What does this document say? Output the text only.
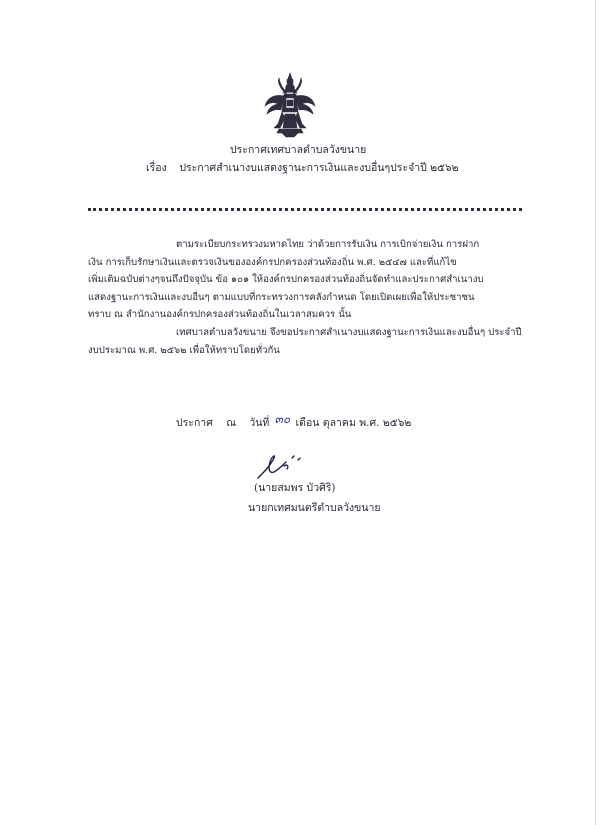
ประกาศเทศบาลตำบลวังขนาย
เรื่อง ประกาศสำเนางบแสดงฐานะการเงินและงบอื่นๆประจำปี ๒๕๖๒
ตามระเบียบกระทรวงมหาดไทย ว่าด้วยการรับเงิน การเบิกจ่ายเงิน การฝาก
เงิน การเก็บรักษาเงินและตรวจเงินขององค์กรปกครองส่วนท้องถิ่น พ.ศ. ๒๕๔๗ และที่แก้ไข
เพิ่มเติมฉบับต่างๆจนถึงปัจจุบัน ข้อ ๑๐๑ ให้องค์กรปกครองส่วนท้องถิ่นจัดทำและประกาศสำเนางบ
แสดงฐานะการเงินและงบอื่นๆ ตามแบบที่กระทรวงการคลังกำหนด โดยเปิดเผยเพื่อให้ประชาชน
ทราบ ณ สำนักงานองค์กรปกครองส่วนท้องถิ่นในเวลาสมควร นั้น
เทศบาลตำบลวังขนาย จึงขอประกาศสำเนางบแสดงฐานะการเงินและงบอื่นๆ ประจำปี
งบประมาณ พ.ศ. ๒๕๖๒ เพื่อให้ทราบโดยทั่วกัน
ประกาศ ณ วันที่ ๓๐ เดือน ตุลาคม พ.ศ. ๒๕๖๒
(นายสมพร บัวศิริ)
นายกเทศมนตรีตำบลวังขนาย
